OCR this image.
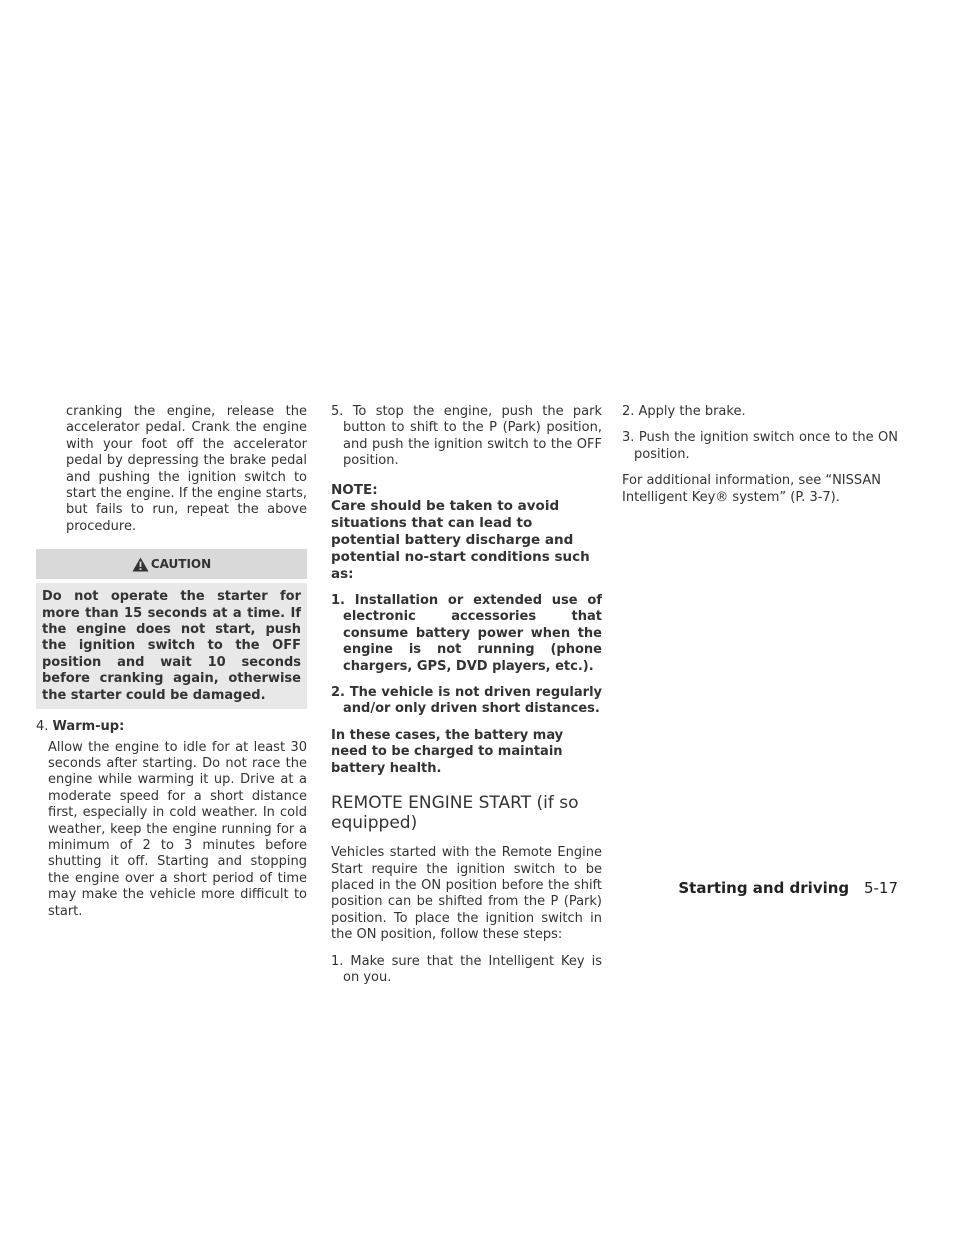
cranking the engine, release the accelerator pedal. Crank the engine with your foot off the accelerator pedal by depressing the brake pedal and pushing the ignition switch to start the engine. If the engine starts, but fails to run, repeat the above procedure.

CAUTION
Do not operate the starter for more than 15 seconds at a time. If the engine does not start, push the ignition switch to the OFF position and wait 10 seconds before cranking again, otherwise the starter could be damaged.
4. Warm-up:

Allow the engine to idle for at least 30 seconds after starting. Do not race the engine while warming it up. Drive at a moderate speed for a short distance first, especially in cold weather. In cold weather, keep the engine running for a minimum of 2 to 3 minutes before shutting it off. Starting and stopping the engine over a short period of time may make the vehicle more difficult to start.

5. To stop the engine, push the park button to shift to the P (Park) position, and push the ignition switch to the OFF position.

NOTE:

Care should be taken to avoid situations that can lead to potential battery discharge and potential no-start conditions such as:

1. Installation or extended use of electronic accessories that consume battery power when the engine is not running (phone chargers, GPS, DVD players, etc.).

2. The vehicle is not driven regularly and/or only driven short distances.

In these cases, the battery may need to be charged to maintain battery health.

REMOTE ENGINE START (if so equipped)

Vehicles started with the Remote Engine Start require the ignition switch to be placed in the ON position before the shift position can be shifted from the P (Park) position. To place the ignition switch in the ON position, follow these steps:

1. Make sure that the Intelligent Key is on you.

2. Apply the brake.

3. Push the ignition switch once to the ON position.

For additional information, see “NISSAN Intelligent Key® system” (P. 3-7).

Starting and driving 5-17
